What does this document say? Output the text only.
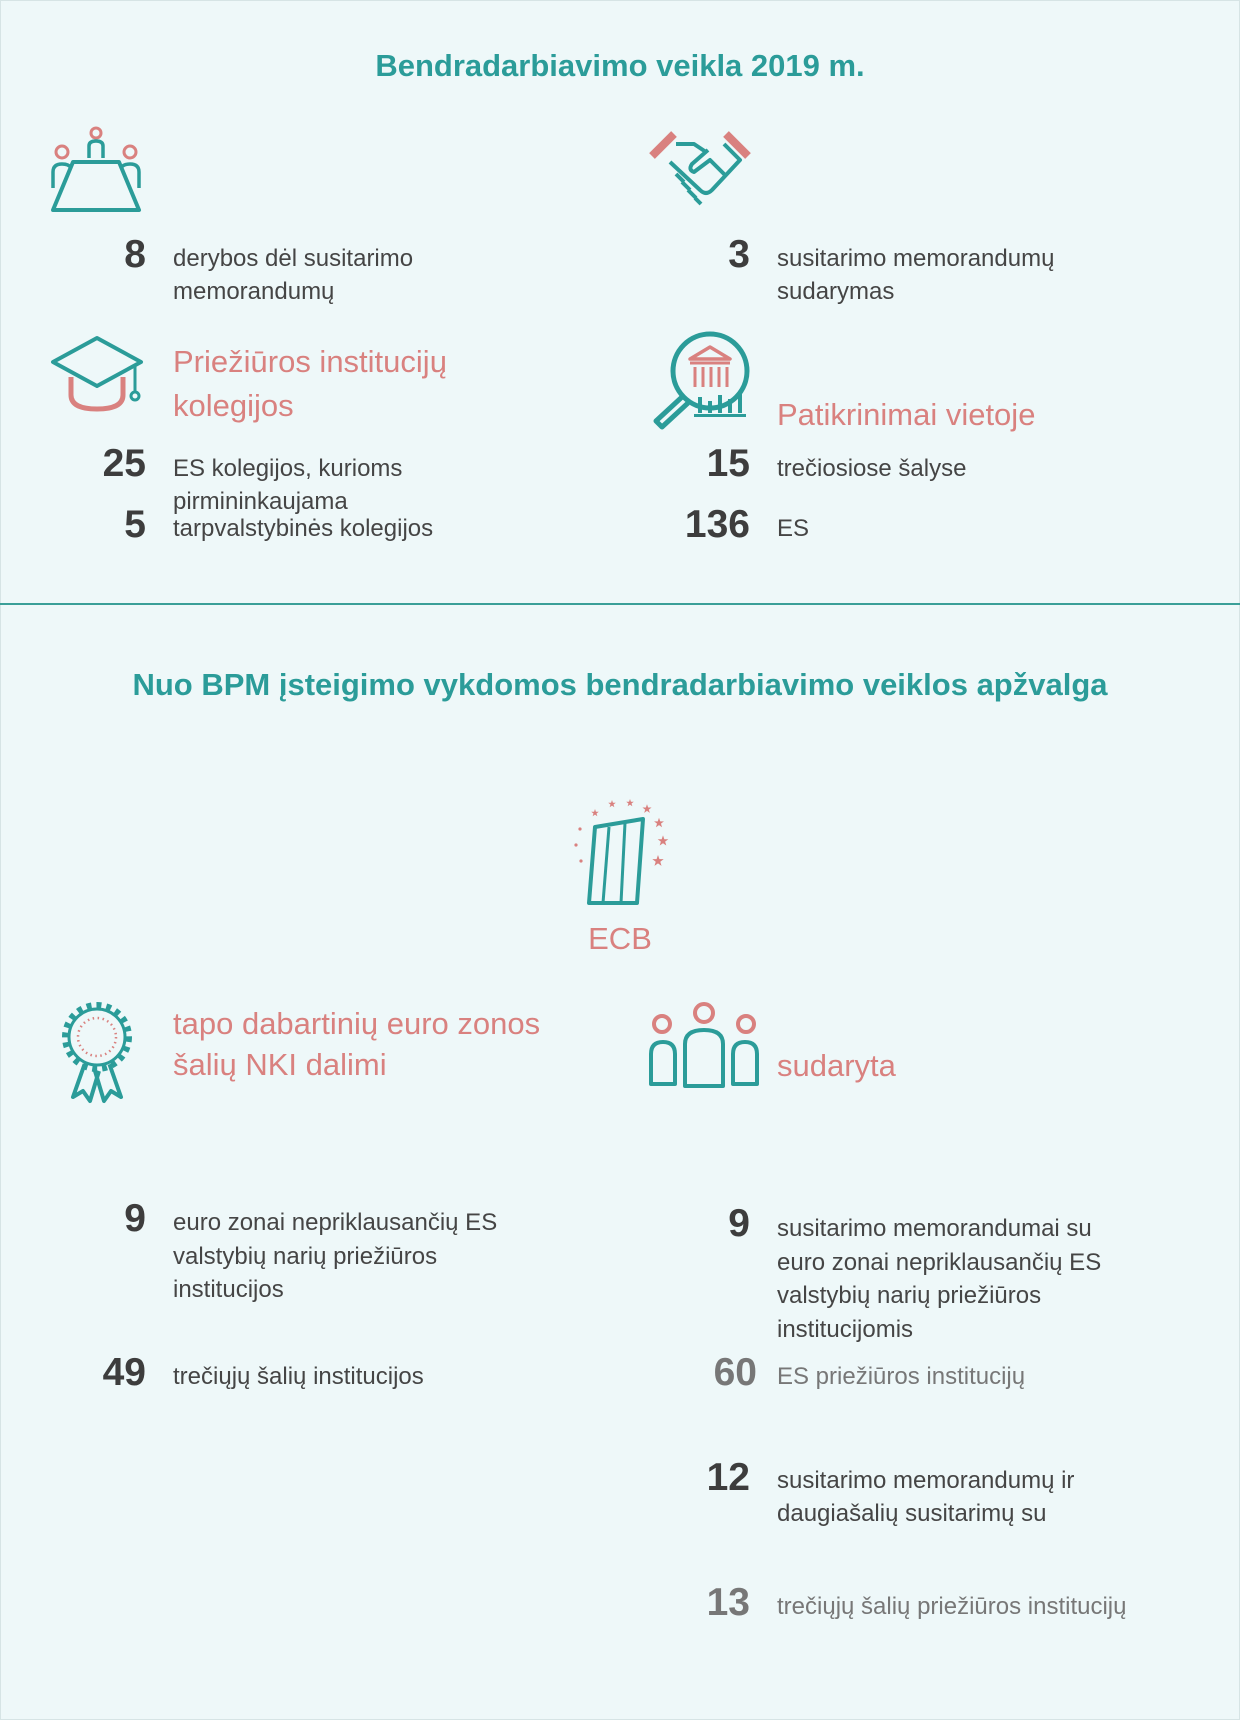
Bendradarbiavimo veikla 2019 m.
8 derybos dėl susitarimo
memorandumų
3 susitarimo memorandumų
sudarymas
Priežiūros institucijų
kolegijos
25 ES kolegijos, kurioms
pirmininkaujama
5 tarpvalstybinės kolegijos
Patikrinimai vietoje
15 trečiosiose šalyse
136 ES
Nuo BPM įsteigimo vykdomos bendradarbiavimo veiklos apžvalga
ECB
tapo dabartinių euro zonos
šalių NKI dalimi	sudaryta
9 euro zonai nepriklausančių ES
valstybių narių priežiūros
institucijos
49 trečiųjų šalių institucijos
9 susitarimo memorandumai su
euro zonai nepriklausančių ES
valstybių narių priežiūros
institucijomis
60 ES priežiūros institucijų
12 susitarimo memorandumų ir
daugiašalių susitarimų su
13 trečiųjų šalių priežiūros institucijų
